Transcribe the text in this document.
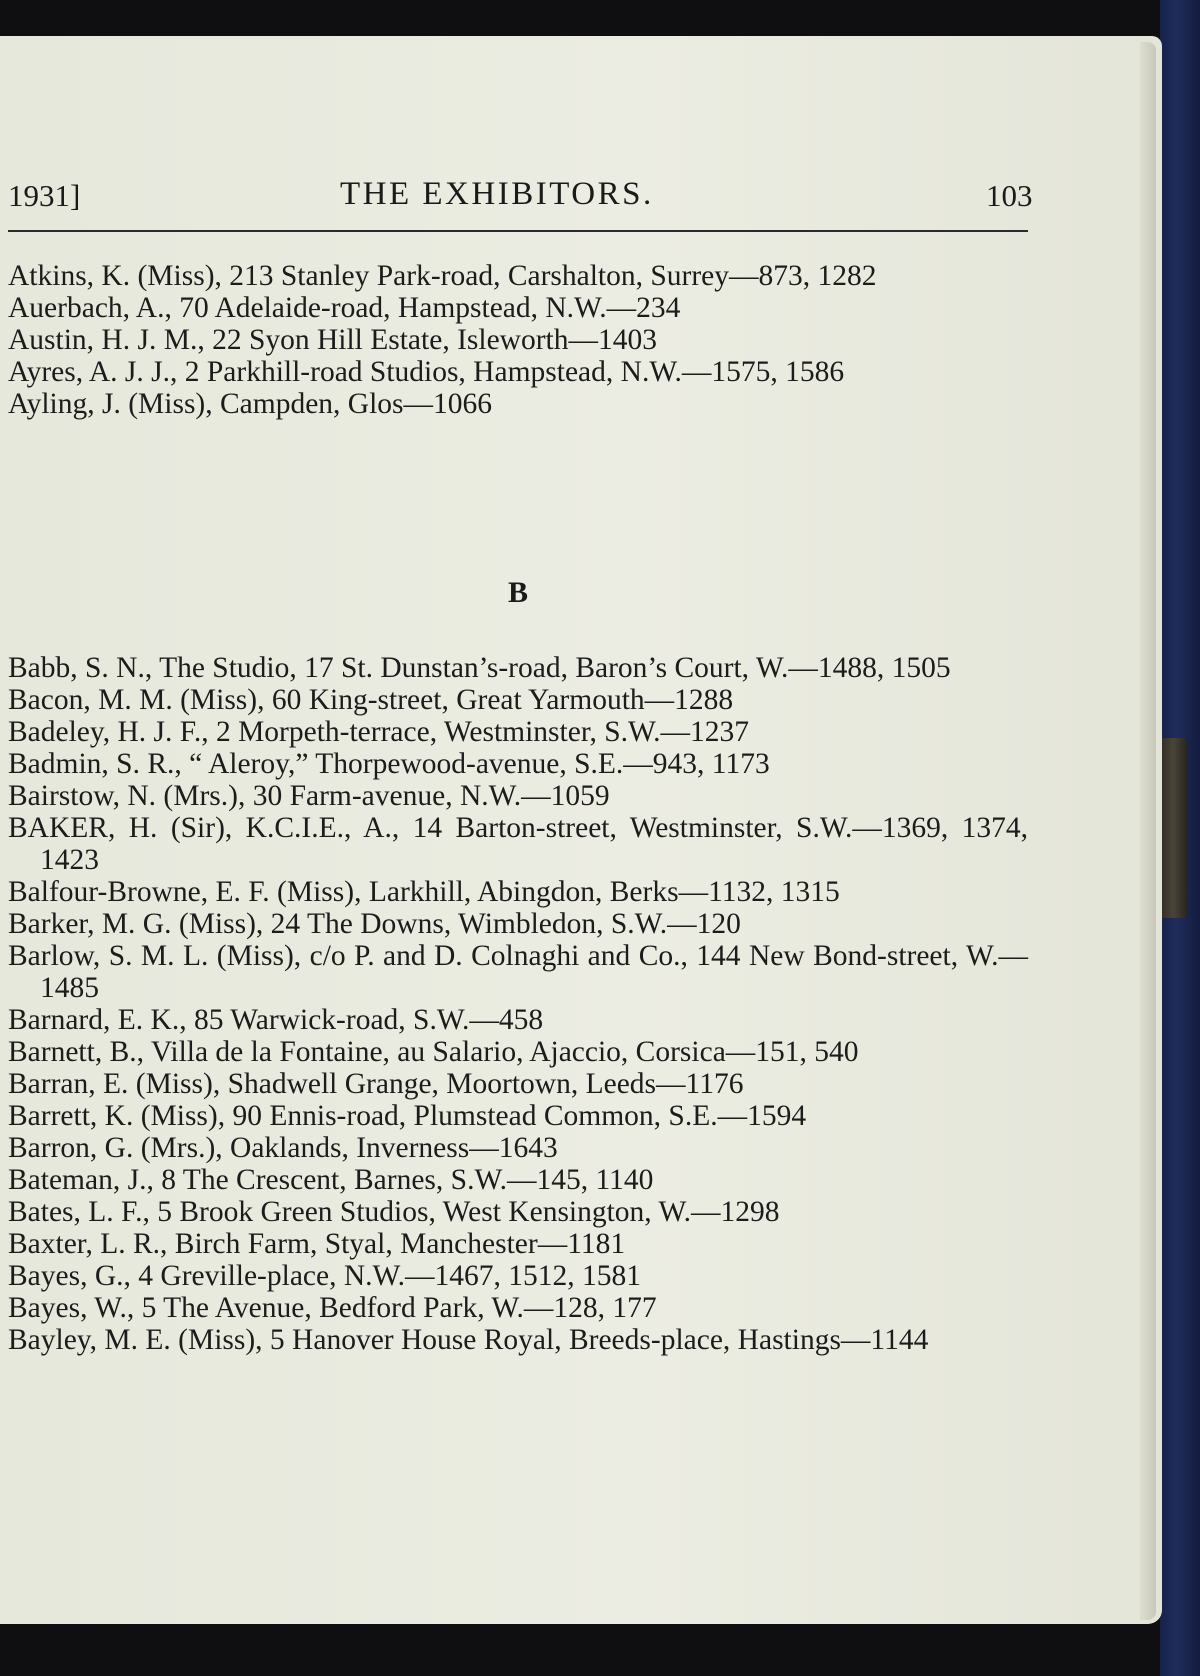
1931]	THE EXHIBITORS.	103
Atkins, K. (Miss), 213 Stanley Park-road, Carshalton, Surrey—873, 1282
Auerbach, A., 70 Adelaide-road, Hampstead, N.W.—234
Austin, H. J. M., 22 Syon Hill Estate, Isleworth—1403
Ayres, A. J. J., 2 Parkhill-road Studios, Hampstead, N.W.—1575, 1586
Ayling, J. (Miss), Campden, Glos—1066
B
Babb, S. N., The Studio, 17 St. Dunstan’s-road, Baron’s Court, W.—1488, 1505
Bacon, M. M. (Miss), 60 King-street, Great Yarmouth—1288
Badeley, H. J. F., 2 Morpeth-terrace, Westminster, S.W.—1237
Badmin, S. R., “ Aleroy,” Thorpewood-avenue, S.E.—943, 1173
Bairstow, N. (Mrs.), 30 Farm-avenue, N.W.—1059
BAKER, H. (Sir), K.C.I.E., A., 14 Barton-street, Westminster, S.W.—1369, 1374, 1423
Balfour-Browne, E. F. (Miss), Larkhill, Abingdon, Berks—1132, 1315
Barker, M. G. (Miss), 24 The Downs, Wimbledon, S.W.—120
Barlow, S. M. L. (Miss), c/o P. and D. Colnaghi and Co., 144 New Bond-street, W.—1485
Barnard, E. K., 85 Warwick-road, S.W.—458
Barnett, B., Villa de la Fontaine, au Salario, Ajaccio, Corsica—151, 540
Barran, E. (Miss), Shadwell Grange, Moortown, Leeds—1176
Barrett, K. (Miss), 90 Ennis-road, Plumstead Common, S.E.—1594
Barron, G. (Mrs.), Oaklands, Inverness—1643
Bateman, J., 8 The Crescent, Barnes, S.W.—145, 1140
Bates, L. F., 5 Brook Green Studios, West Kensington, W.—1298
Baxter, L. R., Birch Farm, Styal, Manchester—1181
Bayes, G., 4 Greville-place, N.W.—1467, 1512, 1581
Bayes, W., 5 The Avenue, Bedford Park, W.—128, 177
Bayley, M. E. (Miss), 5 Hanover House Royal, Breeds-place, Hastings—1144
